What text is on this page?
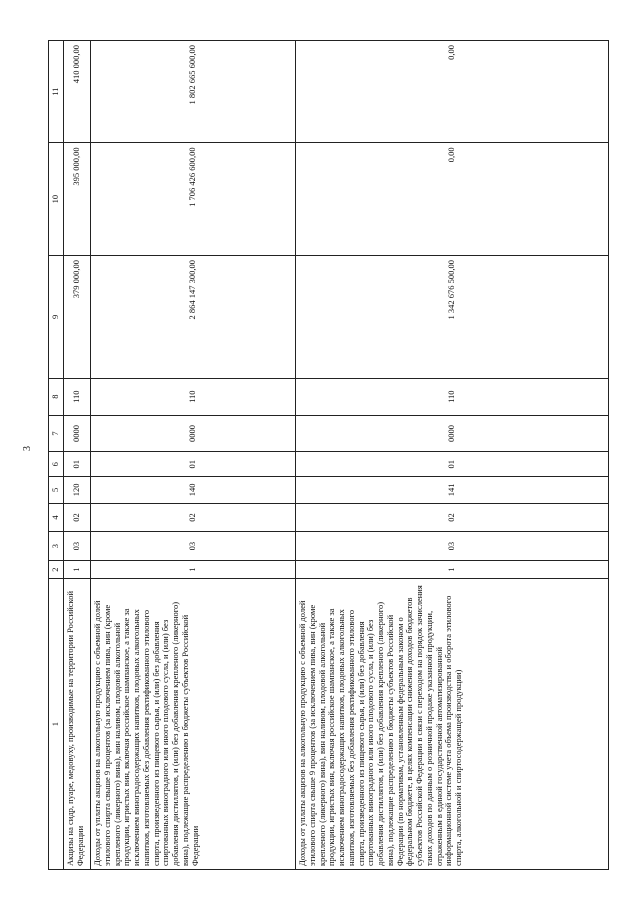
3
1	2	3	4	5	6	7	8	9	10	11
Акцизы на сидр, пуаре, медовуху, производимые на территории Российской Федерации	1	03	02	120	01	0000	110	379 000,00	395 000,00	410 000,00
Доходы от уплаты акцизов на алкогольную продукцию с объемной долей этилового спирта свыше 9 процентов (за исключением пива, вин (кроме крепленого (ликерного) вина), вин наливом, плодовой алкогольной продукции, игристых вин, включая российское шампанское, а также за исключением виноградосодержащих напитков, плодовых алкогольных напитков, изготовляемых без добавления ректификованного этилового спирта, произведенного из пищевого сырья, и (или) без добавления спиртованных виноградного или иного плодового сусла, и (или) без добавления дистиллятов, и (или) без добавления крепленого (ликерного) вина), подлежащие распределению в бюджеты субъектов Российской Федерации	1	03	02	140	01	0000	110	2 864 147 300,00	1 706 426 600,00	1 802 665 600,00
Доходы от уплаты акцизов на алкогольную продукцию с объемной долей этилового спирта свыше 9 процентов (за исключением пива, вин (кроме крепленого (ликерного) вина), вин наливом, плодовой алкогольной продукции, игристых вин, включая российское шампанское, а также за исключением виноградосодержащих напитков, плодовых алкогольных напитков, изготовляемых без добавления ректификованного этилового спирта, произведенного из пищевого сырья, и (или) без добавления спиртованных виноградного или иного плодового сусла, и (или) без добавления дистиллятов, и (или) без добавления крепленого (ликерного) вина), подлежащие распределению в бюджеты субъектов Российской Федерации (по нормативам, установленным федеральным законом о федеральном бюджете, в целях компенсации снижения доходов бюджетов субъектов Российской Федерации в связи с переходом на порядок зачисления таких доходов по данным о розничной продаже указанной продукции, отраженным в единой государственной автоматизированной информационной системе учета объема производства и оборота этилового спирта, алкогольной и спиртосодержащей продукции)	1	03	02	141	01	0000	110	1 342 676 500,00	0,00	0,00
